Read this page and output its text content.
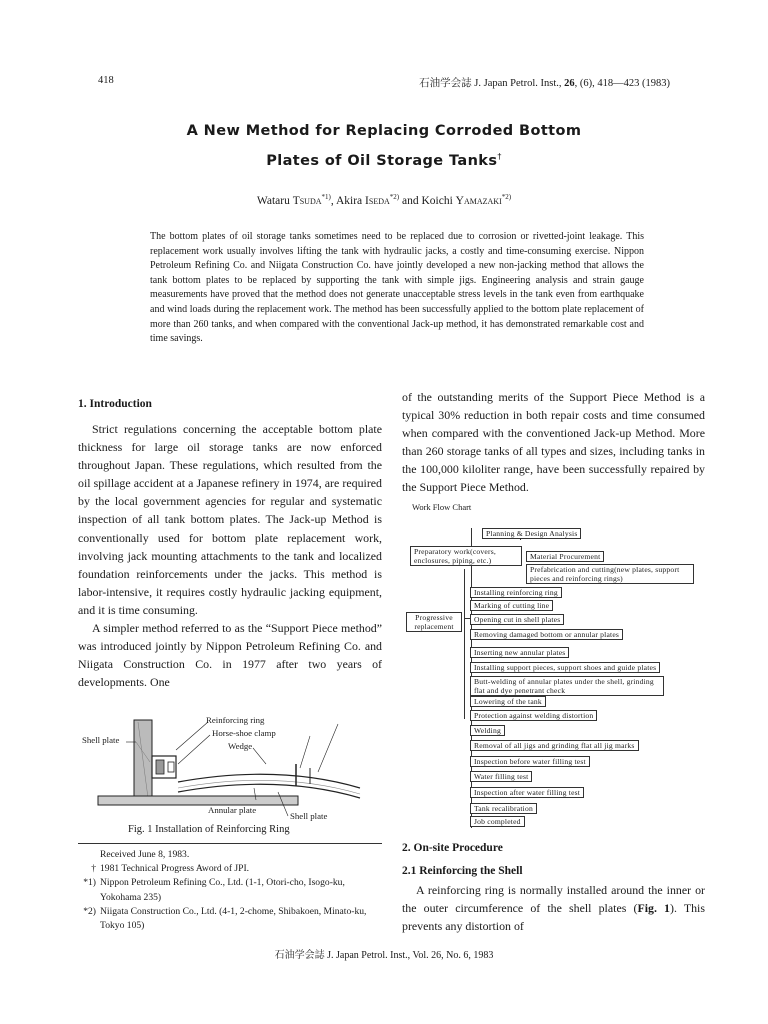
418	石油学会誌 J. Japan Petrol. Inst., 26, (6), 418—423 (1983)
A New Method for Replacing Corroded Bottom
Plates of Oil Storage Tanks†
Wataru Tsuda$^{*1)}$, Akira Iseda$^{*2)}$ and Koichi Yamazaki$^{*2)}$
The bottom plates of oil storage tanks sometimes need to be replaced due to corrosion or rivetted-joint leakage. This replacement work usually involves lifting the tank with hydraulic jacks, a costly and time-consuming exercise. Nippon Petroleum Refining Co. and Niigata Construction Co. have jointly developed a new non-jacking method that allows the tank bottom plates to be replaced by supporting the tank with simple jigs. Engineering analysis and strain gauge measurements have proved that the method does not generate unacceptable stress levels in the tank even from earthquake and wind loads during the replacement work. The method has been successfully applied to the bottom plate replacement of more than 260 tanks, and when compared with the conventional Jack-up method, it has demonstrated remarkable cost and time savings.
1. Introduction

Strict regulations concerning the acceptable bottom plate thickness for large oil storage tanks are now enforced throughout Japan. These regulations, which resulted from the oil spillage accident at a Japanese refinery in 1974, are required by the local government agencies for regular and systematic inspection of all tank bottom plates. The Jack-up Method is conventionally used for bottom plate replacement work, involving jack mounting attachments to the tank and localized foundation reinforcements under the jacks. This method is labor-intensive, it requires costly hydraulic jacking equipment, and it is time consuming.

A simpler method referred to as the “Support Piece method” was introduced jointly by Nippon Petroleum Refining Co. and Niigata Construction Co. in 1977 after two years of developments. One

of the outstanding merits of the Support Piece Method is a typical 30% reduction in both repair costs and time consumed when compared with the conventioned Jack-up Method. More than 260 storage tanks of all types and sizes, including tanks in the 100,000 kiloliter range, have been successfully repaired by the Support Piece Method.
Reinforcing ring
Horse-shoe clamp
Wedge
Shell plate
Annular plate
Shell plate
Fig. 1 Installation of Reinforcing Ring
Received June 8, 1983.
† 1981 Technical Progress Aword of JPI.
*1) Nippon Petroleum Refining Co., Ltd. (1-1, Otori-cho, Isogo-ku, Yokohama 235)
*2) Niigata Construction Co., Ltd. (4-1, 2-chome, Shibakoen, Minato-ku, Tokyo 105)
Work Flow Chart
Planning & Design Analysis
Preparatory work(covers, enclosures, piping, etc.)	Material Procurement
Prefabrication and cutting(new plates, support pieces and reinforcing rings)
Progressive replacement
Installing reinforcing ring
Marking of cutting line
Opening cut in shell plates
Removing damaged bottom or annular plates
Inserting new annular plates
Installing support pieces, support shoes and guide plates
Butt-welding of annular plates under the shell, grinding flat and dye penetrant check
Lowering of the tank
Protection against welding distortion
Welding
Removal of all jigs and grinding flat all jig marks
Inspection before water filling test
Water filling test
Inspection after water filling test
Tank recalibration
Job completed
2. On-site Procedure
2.1 Reinforcing the Shell

A reinforcing ring is normally installed around the inner or the outer circumference of the shell plates (Fig. 1). This prevents any distortion of

石油学会誌 J. Japan Petrol. Inst., Vol. 26, No. 6, 1983
